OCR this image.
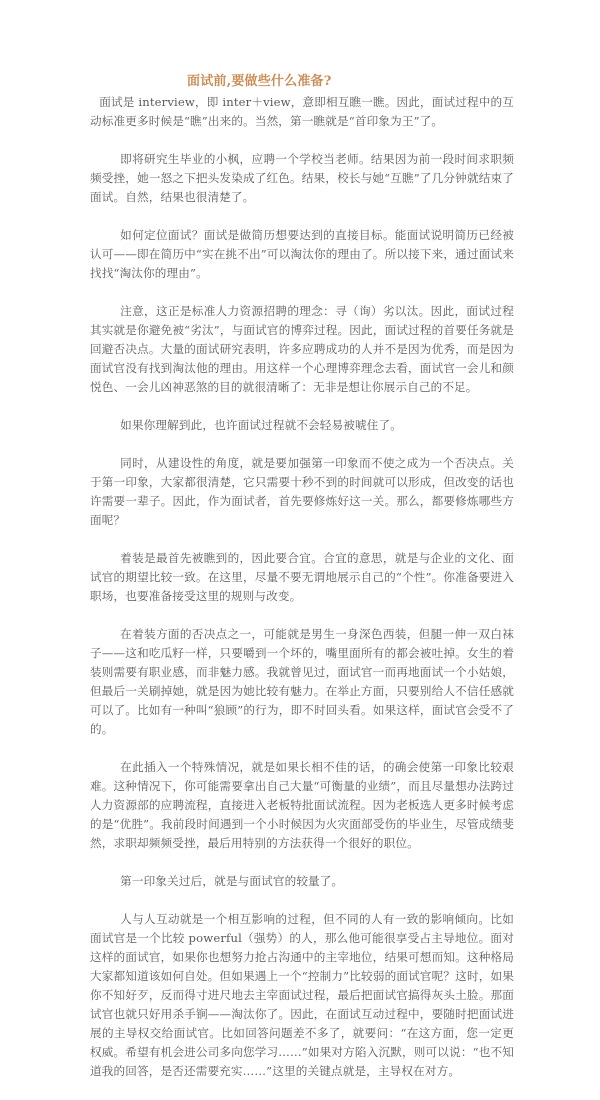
面试前,要做些什么准备?

面试是 interview，即 inter＋view，意即相互瞧一瞧。因此，面试过程中的互动标准更多时候是“瞧”出来的。当然，第一瞧就是“首印象为王”了。

即将研究生毕业的小枫，应聘一个学校当老师。结果因为前一段时间求职频频受挫，她一怒之下把头发染成了红色。结果，校长与她“互瞧”了几分钟就结束了面试。自然，结果也很清楚了。

如何定位面试？面试是做简历想要达到的直接目标。能面试说明简历已经被认可——即在简历中“实在挑不出”可以淘汰你的理由了。所以接下来，通过面试来找找“淘汰你的理由”。

注意，这正是标准人力资源招聘的理念：寻（询）劣以汰。因此，面试过程其实就是你避免被“劣汰”，与面试官的博弈过程。因此，面试过程的首要任务就是回避否决点。大量的面试研究表明，许多应聘成功的人并不是因为优秀，而是因为面试官没有找到淘汰他的理由。用这样一个心理博弈理念去看，面试官一会儿和颜悦色、一会儿凶神恶煞的目的就很清晰了：无非是想让你展示自己的不足。

如果你理解到此，也许面试过程就不会轻易被唬住了。

同时，从建设性的角度，就是要加强第一印象而不使之成为一个否决点。关于第一印象，大家都很清楚，它只需要十秒不到的时间就可以形成，但改变的话也许需要一辈子。因此，作为面试者，首先要修炼好这一关。那么，都要修炼哪些方面呢？

着装是最首先被瞧到的，因此要合宜。合宜的意思，就是与企业的文化、面试官的期望比较一致。在这里，尽量不要无谓地展示自己的“个性”。你准备要进入职场，也要准备接受这里的规则与改变。

在着装方面的否决点之一，可能就是男生一身深色西装，但腿一伸一双白袜子——这和吃瓜籽一样，只要嚼到一个坏的，嘴里面所有的都会被吐掉。女生的着装则需要有职业感，而非魅力感。我就曾见过，面试官一而再地面试一个小姑娘，但最后一关刷掉她，就是因为她比较有魅力。在举止方面，只要别给人不信任感就可以了。比如有一种叫“狼顾”的行为，即不时回头看。如果这样，面试官会受不了的。

在此插入一个特殊情况，就是如果长相不佳的话，的确会使第一印象比较艰难。这种情况下，你可能需要拿出自己大量“可衡量的业绩”，而且尽量想办法跨过人力资源部的应聘流程，直接进入老板特批面试流程。因为老板选人更多时候考虑的是“优胜”。我前段时间遇到一个小时候因为火灾面部受伤的毕业生，尽管成绩斐然，求职却频频受挫，最后用特别的方法获得一个很好的职位。

第一印象关过后，就是与面试官的较量了。

人与人互动就是一个相互影响的过程，但不同的人有一致的影响倾向。比如面试官是一个比较 powerful（强势）的人，那么他可能很享受占主导地位。面对这样的面试官，如果你也想努力抢占沟通中的主宰地位，结果可想而知。这种格局大家都知道该如何自处。但如果遇上一个“控制力”比较弱的面试官呢？这时，如果你不知好歹，反而得寸进尺地去主宰面试过程，最后把面试官搞得灰头土脸。那面试官也就只好用杀手锏——淘汰你了。因此，在面试互动过程中，要随时把面试进展的主导权交给面试官。比如回答问题差不多了，就要问：“在这方面，您一定更权威。希望有机会进公司多向您学习……”如果对方陷入沉默，则可以说：“也不知道我的回答，是否还需要充实……”这里的关键点就是，主导权在对方。
